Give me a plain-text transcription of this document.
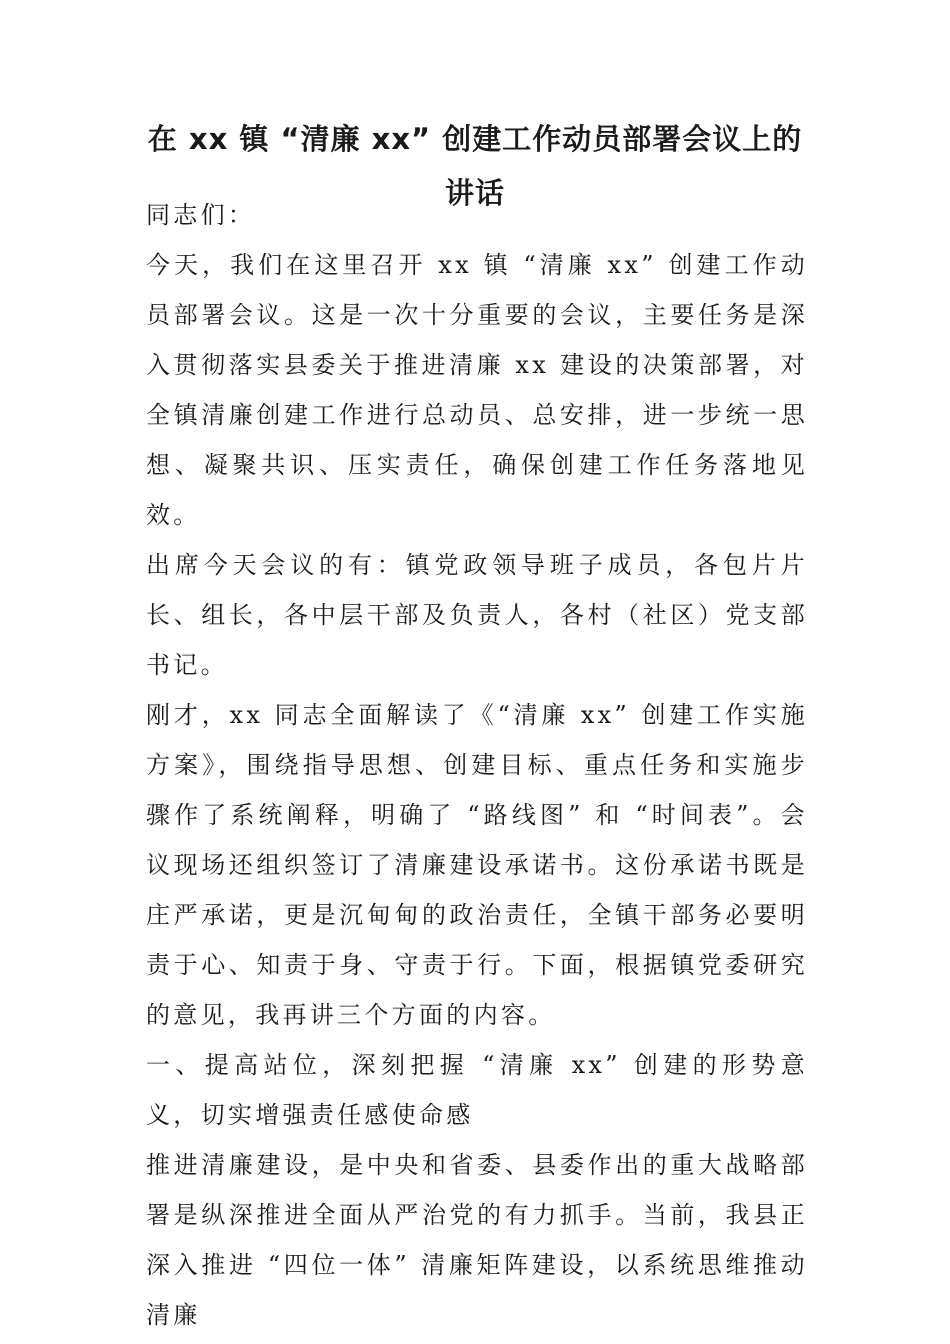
在 xx 镇 “清廉 xx” 创建工作动员部署会议上的
讲话

同志们：

今天，我们在这里召开 xx 镇 “清廉 xx” 创建工作动员部署会议。这是一次十分重要的会议，主要任务是深入贯彻落实县委关于推进清廉 xx 建设的决策部署，对全镇清廉创建工作进行总动员、总安排，进一步统一思想、凝聚共识、压实责任，确保创建工作任务落地见效。

出席今天会议的有：镇党政领导班子成员，各包片片长、组长，各中层干部及负责人，各村（社区）党支部书记。

刚才，xx 同志全面解读了《“清廉 xx” 创建工作实施方案》，围绕指导思想、创建目标、重点任务和实施步骤作了系统阐释，明确了 “路线图” 和 “时间表”。会议现场还组织签订了清廉建设承诺书。这份承诺书既是庄严承诺，更是沉甸甸的政治责任，全镇干部务必要明责于心、知责于身、守责于行。下面，根据镇党委研究的意见，我再讲三个方面的内容。

一、提高站位，深刻把握 “清廉 xx” 创建的形势意义，切实增强责任感使命感

推进清廉建设，是中央和省委、县委作出的重大战略部署是纵深推进全面从严治党的有力抓手。当前，我县正深入推进 “四位一体” 清廉矩阵建设，以系统思维推动清廉
